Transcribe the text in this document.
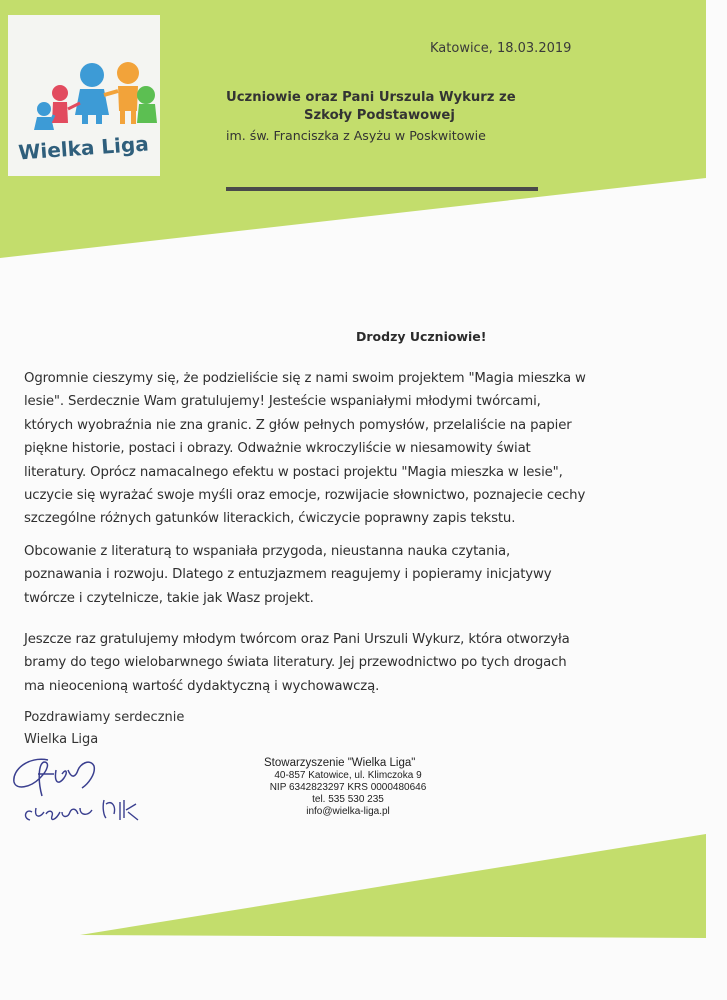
Wielka Liga
Katowice, 18.03.2019
Uczniowie oraz Pani Urszula Wykurz ze
Szkoły Podstawowej
im. św. Franciszka z Asyżu w Poskwitowie
Drodzy Uczniowie!
Ogromnie cieszymy się, że podzieliście się z nami swoim projektem "Magia mieszka w
lesie". Serdecznie Wam gratulujemy! Jesteście wspaniałymi młodymi twórcami,
których wyobraźnia nie zna granic. Z głów pełnych pomysłów, przelaliście na papier
piękne historie, postaci i obrazy. Odważnie wkroczyliście w niesamowity świat
literatury. Oprócz namacalnego efektu w postaci projektu "Magia mieszka w lesie",
uczycie się wyrażać swoje myśli oraz emocje, rozwijacie słownictwo, poznajecie cechy
szczególne różnych gatunków literackich, ćwiczycie poprawny zapis tekstu.
Obcowanie z literaturą to wspaniała przygoda, nieustanna nauka czytania,
poznawania i rozwoju. Dlatego z entuzjazmem reagujemy i popieramy inicjatywy
twórcze i czytelnicze, takie jak Wasz projekt.
Jeszcze raz gratulujemy młodym twórcom oraz Pani Urszuli Wykurz, która otworzyła
bramy do tego wielobarwnego świata literatury. Jej przewodnictwo po tych drogach
ma nieocenioną wartość dydaktyczną i wychowawczą.
Pozdrawiamy serdecznie
Wielka Liga
Stowarzyszenie "Wielka Liga"
40-857 Katowice, ul. Klimczoka 9
NIP 6342823297 KRS 0000480646
tel. 535 530 235
info@wielka-liga.pl
